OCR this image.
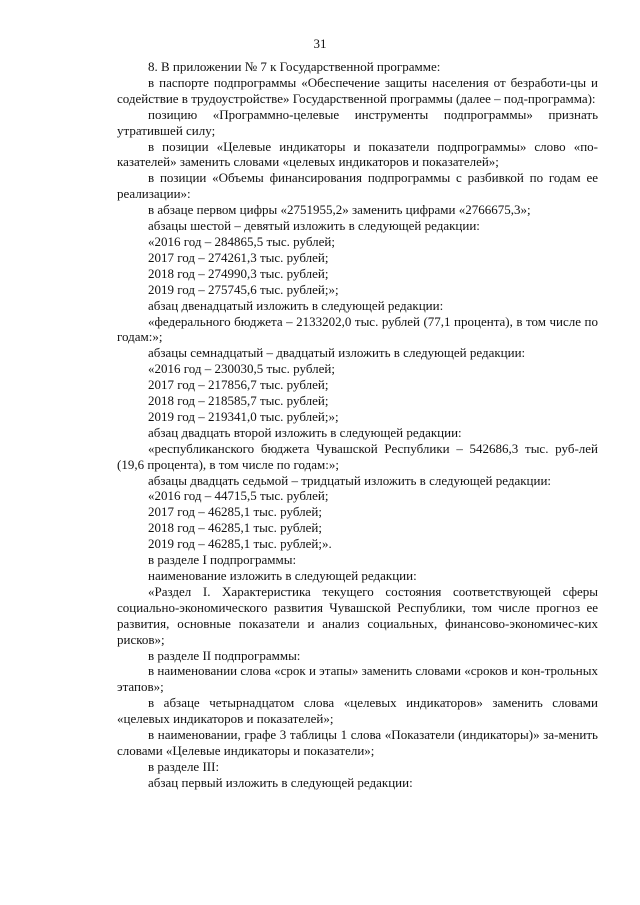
31

8. В приложении № 7 к Государственной программе:

в паспорте подпрограммы «Обеспечение защиты населения от безработи-цы и содействие в трудоустройстве» Государственной программы (далее – под-программа):

позицию «Программно-целевые инструменты подпрограммы» признать утратившей силу;

в позиции «Целевые индикаторы и показатели подпрограммы» слово «по-казателей» заменить словами «целевых индикаторов и показателей»;

в позиции «Объемы финансирования подпрограммы с разбивкой по годам ее реализации»:

в абзаце первом цифры «2751955,2» заменить цифрами «2766675,3»;

абзацы шестой – девятый изложить в следующей редакции:

«2016 год – 284865,5 тыс. рублей;

2017 год – 274261,3 тыс. рублей;

2018 год – 274990,3 тыс. рублей;

2019 год – 275745,6 тыс. рублей;»;

абзац двенадцатый изложить в следующей редакции:

«федерального бюджета – 2133202,0 тыс. рублей (77,1 процента), в том числе по годам:»;

абзацы семнадцатый – двадцатый изложить в следующей редакции:

«2016 год – 230030,5 тыс. рублей;

2017 год – 217856,7 тыс. рублей;

2018 год – 218585,7 тыс. рублей;

2019 год – 219341,0 тыс. рублей;»;

абзац двадцать второй изложить в следующей редакции:

«республиканского бюджета Чувашской Республики – 542686,3 тыс. руб-лей (19,6 процента), в том числе по годам:»;

абзацы двадцать седьмой – тридцатый изложить в следующей редакции:

«2016 год – 44715,5 тыс. рублей;

2017 год – 46285,1 тыс. рублей;

2018 год – 46285,1 тыс. рублей;

2019 год – 46285,1 тыс. рублей;».

в разделе I подпрограммы:

наименование изложить в следующей редакции:

«Раздел I. Характеристика текущего состояния соответствующей сферы социально-экономического развития Чувашской Республики, том числе прогноз ее развития, основные показатели и анализ социальных, финансово-экономичес-ких рисков»;

в разделе II подпрограммы:

в наименовании слова «срок и этапы» заменить словами «сроков и кон-трольных этапов»;

в абзаце четырнадцатом слова «целевых индикаторов» заменить словами «целевых индикаторов и показателей»;

в наименовании, графе 3 таблицы 1 слова «Показатели (индикаторы)» за-менить словами «Целевые индикаторы и показатели»;

в разделе III:

абзац первый изложить в следующей редакции:
